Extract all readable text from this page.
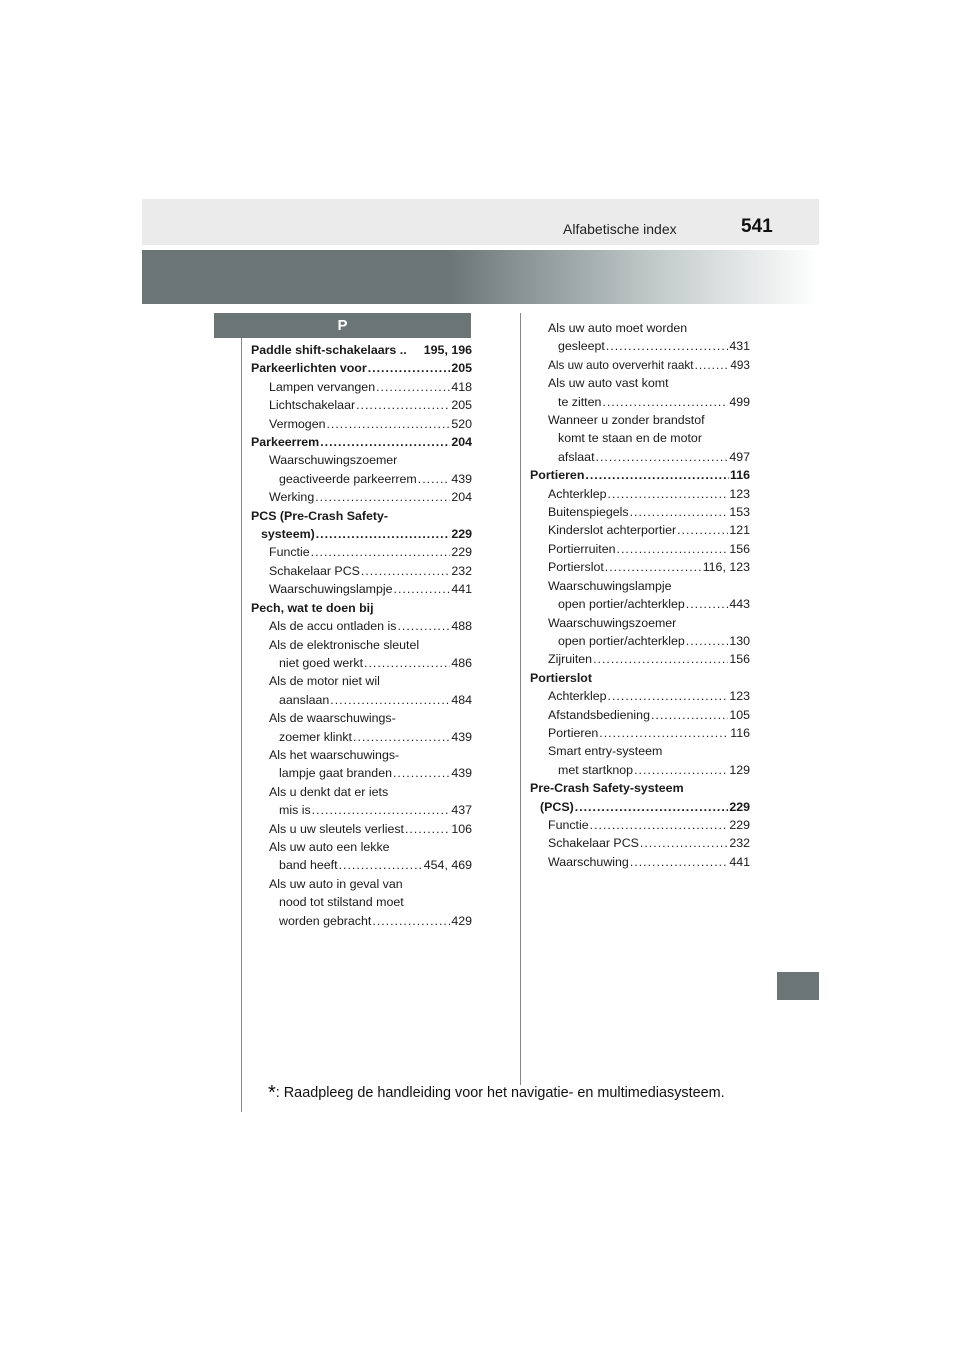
Alfabetische index	541
P
Paddle shift-schakelaars .. 195, 196
Parkeerlichten voor .....	205
Lampen vervangen .....	418
Lichtschakelaar .....	205
Vermogen .....	520
Parkeerrem .....	204
Waarschuwingszoemer
geactiveerde parkeerrem .....	439
Werking .....	204
PCS (Pre-Crash Safety-
systeem) .....	229
Functie .....	229
Schakelaar PCS .....	232
Waarschuwingslampje .....	441
Pech, wat te doen bij
Als de accu ontladen is .....	488
Als de elektronische sleutel
niet goed werkt .....	486
Als de motor niet wil
aanslaan .....	484
Als de waarschuwings-
zoemer klinkt .....	439
Als het waarschuwings-
lampje gaat branden .....	439
Als u denkt dat er iets
mis is .....	437
Als u uw sleutels verliest .....	106
Als uw auto een lekke
band heeft .....	454, 469
Als uw auto in geval van
nood tot stilstand moet
worden gebracht .....	429
Als uw auto moet worden
gesleept .....	431
Als uw auto oververhit raakt .....	493
Als uw auto vast komt
te zitten .....	499
Wanneer u zonder brandstof
komt te staan en de motor
afslaat .....	497
Portieren .....	116
Achterklep .....	123
Buitenspiegels .....	153
Kinderslot achterportier .....	121
Portierruiten .....	156
Portierslot .....	116, 123
Waarschuwingslampje
open portier/achterklep .....	443
Waarschuwingszoemer
open portier/achterklep .....	130
Zijruiten .....	156
Portierslot
Achterklep .....	123
Afstandsbediening .....	105
Portieren .....	116
Smart entry-systeem
met startknop .....	129
Pre-Crash Safety-systeem
(PCS) .....	229
Functie .....	229
Schakelaar PCS .....	232
Waarschuwing .....	441
*: Raadpleeg de handleiding voor het navigatie- en multimediasysteem.
